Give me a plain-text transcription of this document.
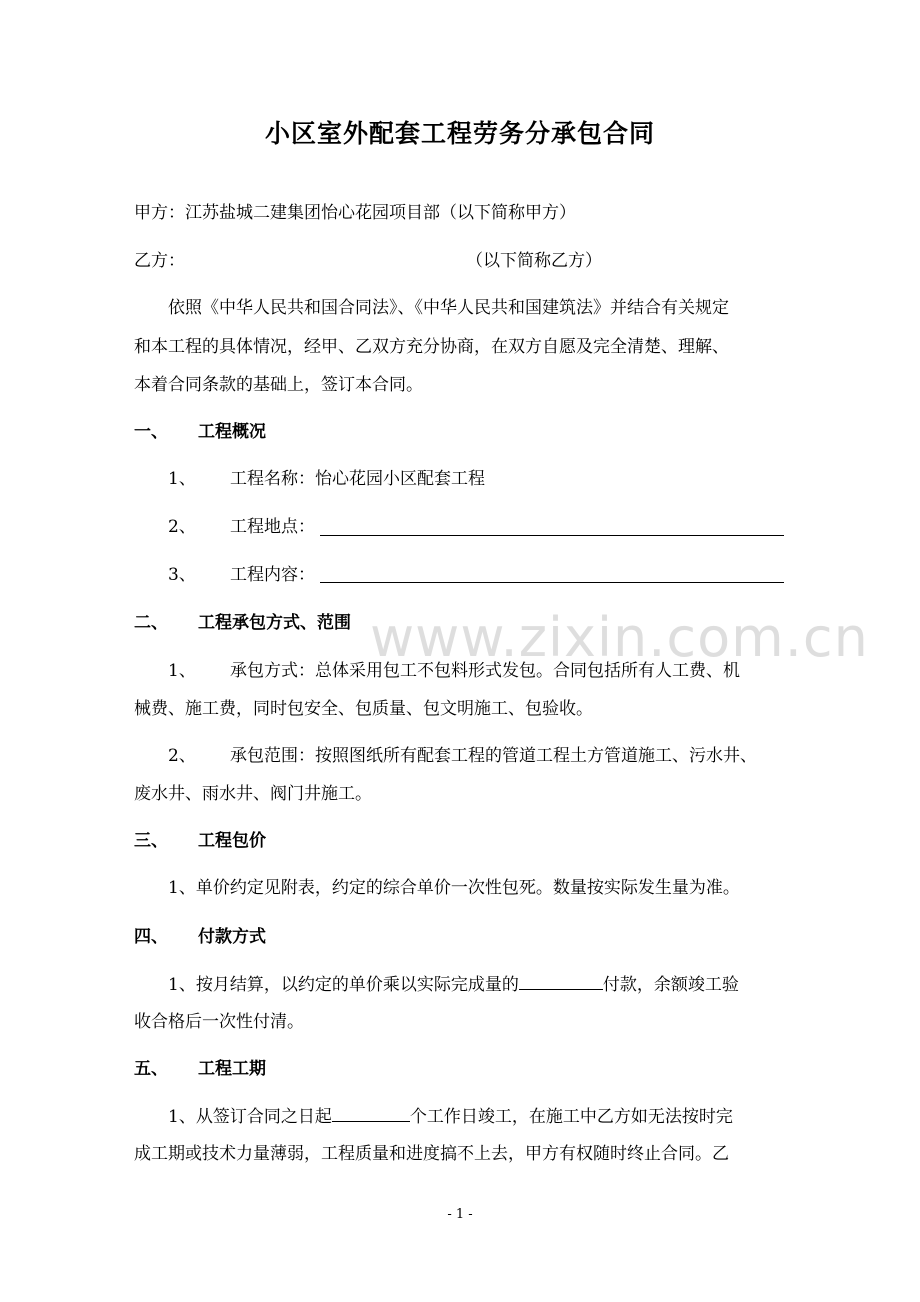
小区室外配套工程劳务分承包合同
甲方：江苏盐城二建集团怡心花园项目部（以下简称甲方）
乙方：	（以下简称乙方）
依照《中华人民共和国合同法》、《中华人民共和国建筑法》并结合有关规定
和本工程的具体情况，经甲、乙双方充分协商，在双方自愿及完全清楚、理解、
本着合同条款的基础上，签订本合同。
一、 工程概况
1、 工程名称：怡心花园小区配套工程
2、 工程地点：
3、 工程内容：
二、 工程承包方式、范围
1、 承包方式：总体采用包工不包料形式发包。合同包括所有人工费、机
械费、施工费，同时包安全、包质量、包文明施工、包验收。
2、 承包范围：按照图纸所有配套工程的管道工程土方管道施工、污水井、
废水井、雨水井、阀门井施工。
三、 工程包价
1、单价约定见附表，约定的综合单价一次性包死。数量按实际发生量为准。
四、 付款方式
1、按月结算，以约定的单价乘以实际完成量的	付款，余额竣工验
收合格后一次性付清。
五、 工程工期
1、从签订合同之日起	个工作日竣工，在施工中乙方如无法按时完
成工期或技术力量薄弱，工程质量和进度搞不上去，甲方有权随时终止合同。乙
www.zixin.com.cn
- 1 -
